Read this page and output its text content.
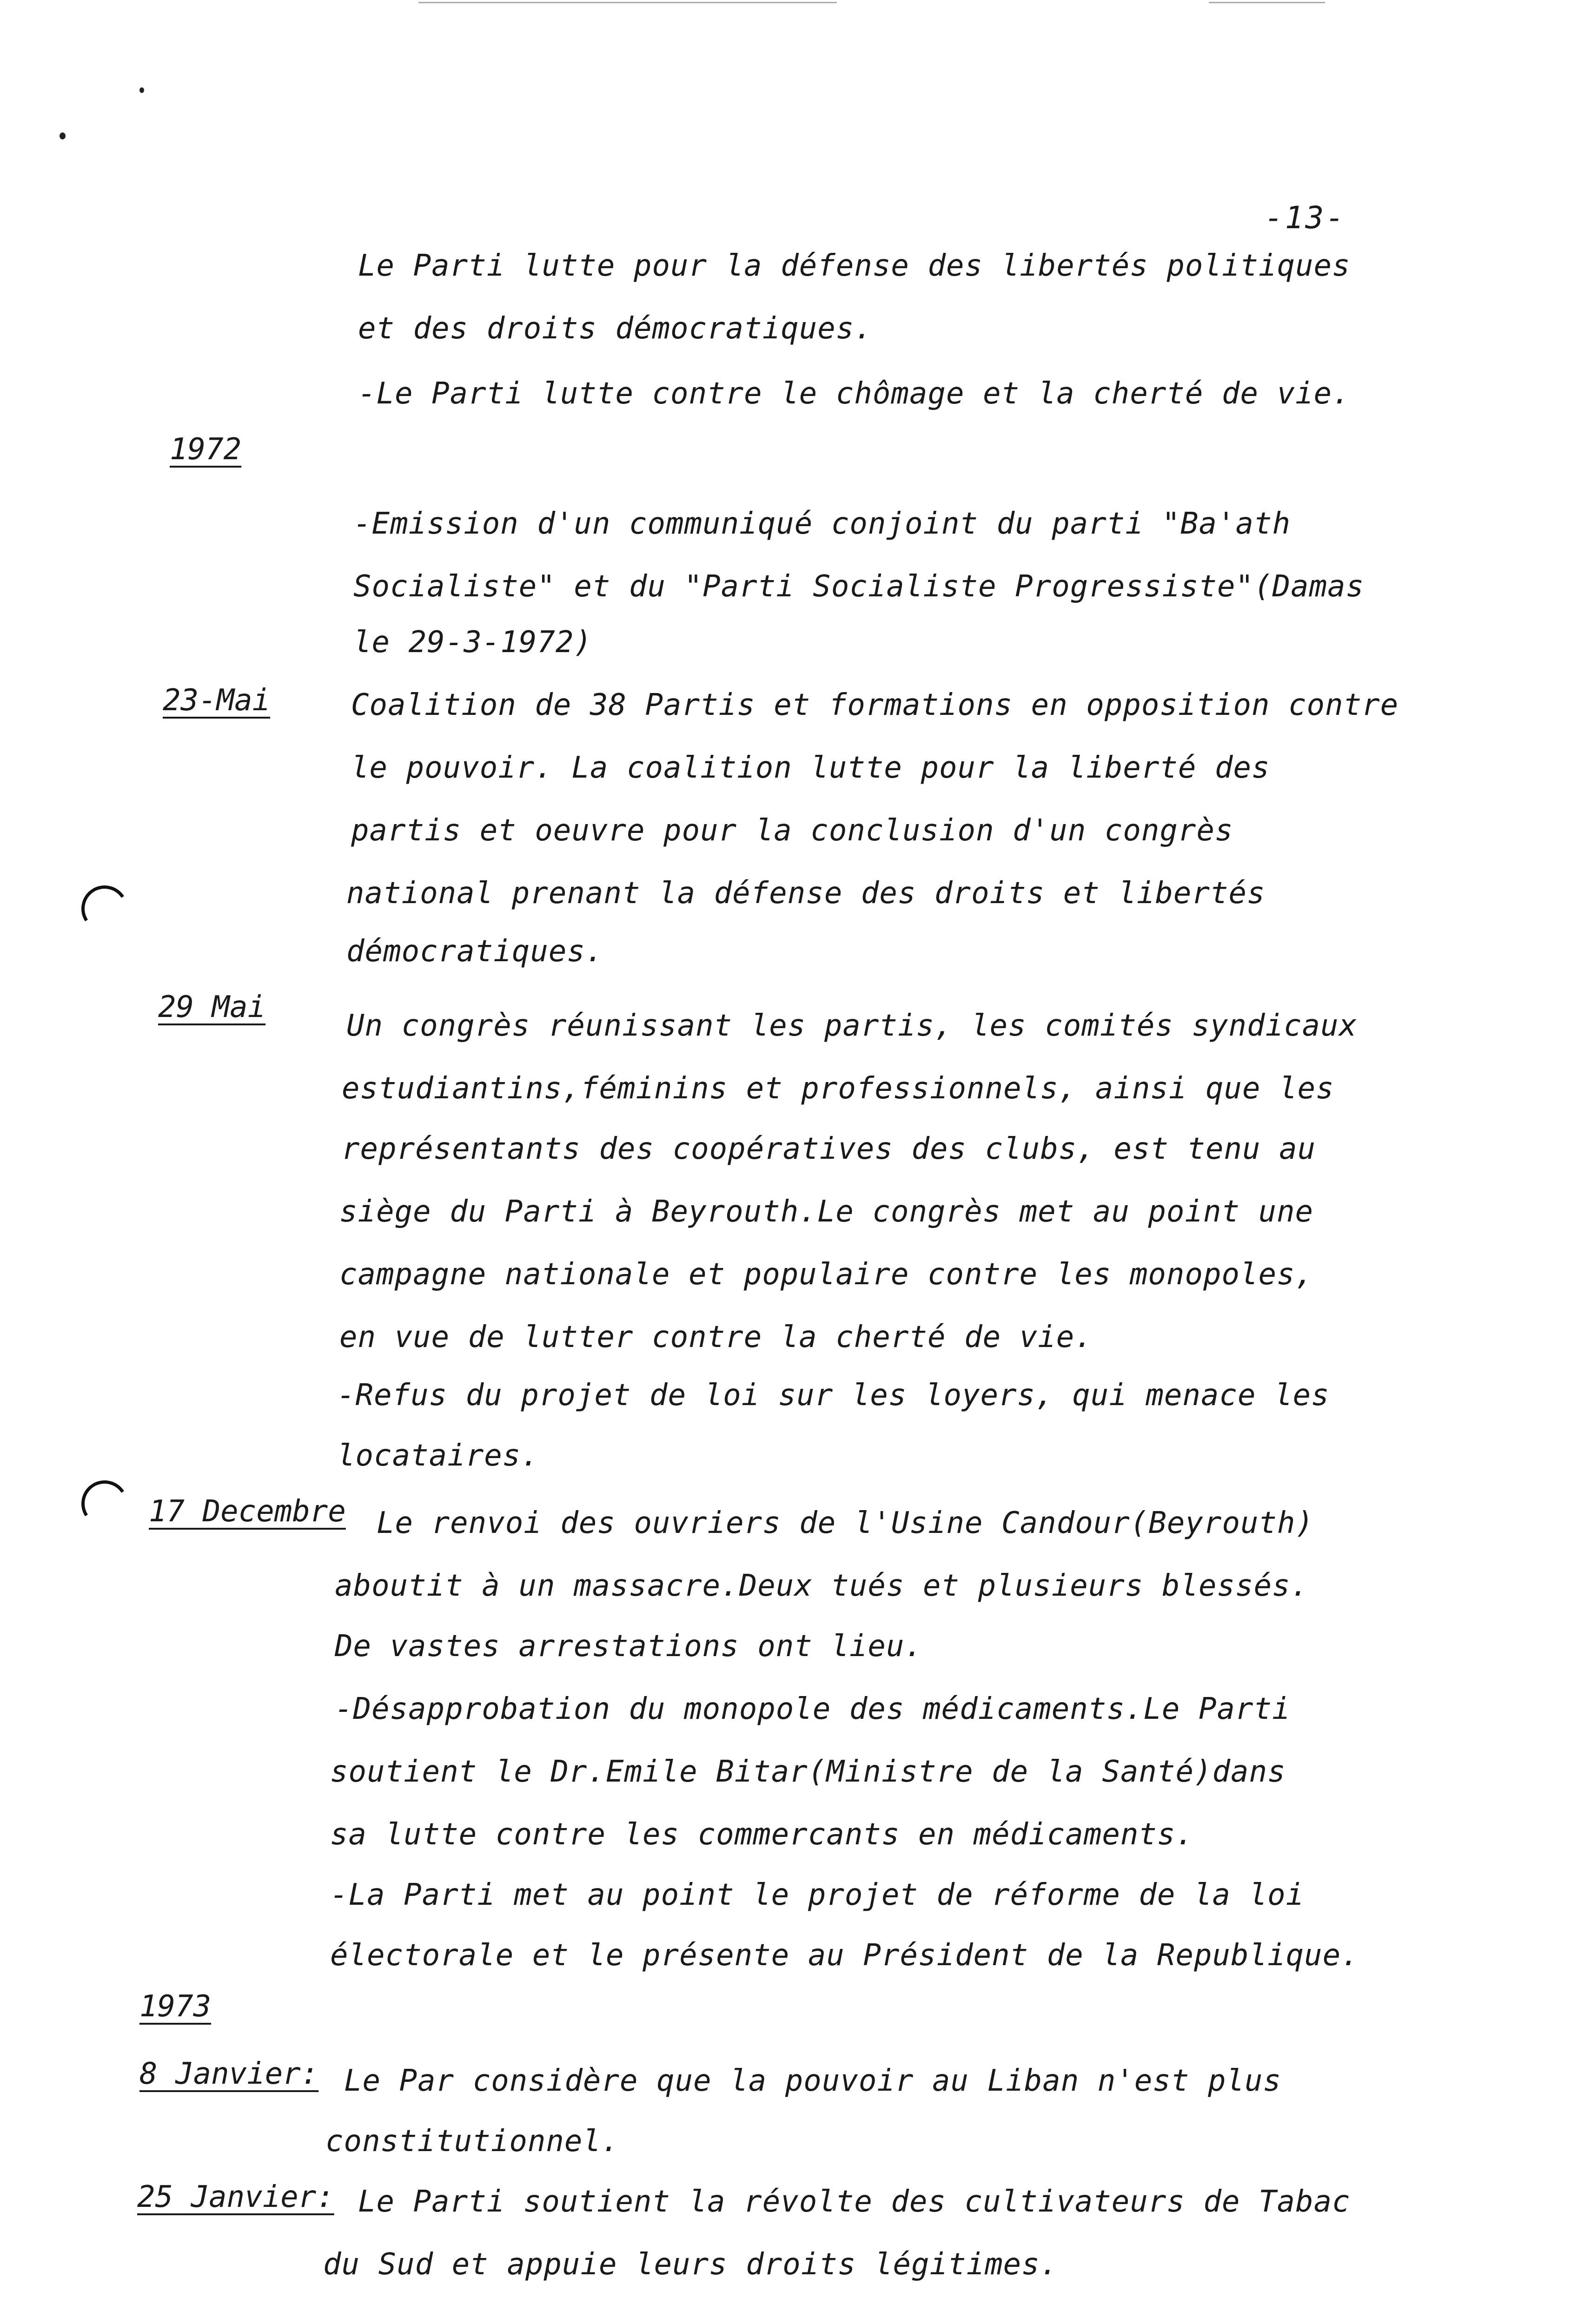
-13-
1972
23-Mai
29 Mai
17 Decembre
1973
8 Janvier:
25 Janvier:
Le Parti lutte pour la défense des libertés politiques
et des droits démocratiques.
-Le Parti lutte contre le chômage et la cherté de vie.
-Emission d'un communiqué conjoint du parti "Ba'ath
Socialiste" et du "Parti Socialiste Progressiste"(Damas
le 29-3-1972)
Coalition de 38 Partis et formations en opposition contre
le pouvoir. La coalition lutte pour la liberté des
partis et oeuvre pour la conclusion d'un congrès
national prenant la défense des droits et libertés
démocratiques.
Un congrès réunissant les partis, les comités syndicaux
estudiantins,féminins et professionnels, ainsi que les
représentants des coopératives des clubs, est tenu au
siège du Parti à Beyrouth.Le congrès met au point une
campagne nationale et populaire contre les monopoles,
en vue de lutter contre la cherté de vie.
-Refus du projet de loi sur les loyers, qui menace les
locataires.
Le renvoi des ouvriers de l'Usine Candour(Beyrouth)
aboutit à un massacre.Deux tués et plusieurs blessés.
De vastes arrestations ont lieu.
-Désapprobation du monopole des médicaments.Le Parti
soutient le Dr.Emile Bitar(Ministre de la Santé)dans
sa lutte contre les commercants en médicaments.
-La Parti met au point le projet de réforme de la loi
électorale et le présente au Président de la Republique.
Le Par considère que la pouvoir au Liban n'est plus
constitutionnel.
Le Parti soutient la révolte des cultivateurs de Tabac
du Sud et appuie leurs droits légitimes.
